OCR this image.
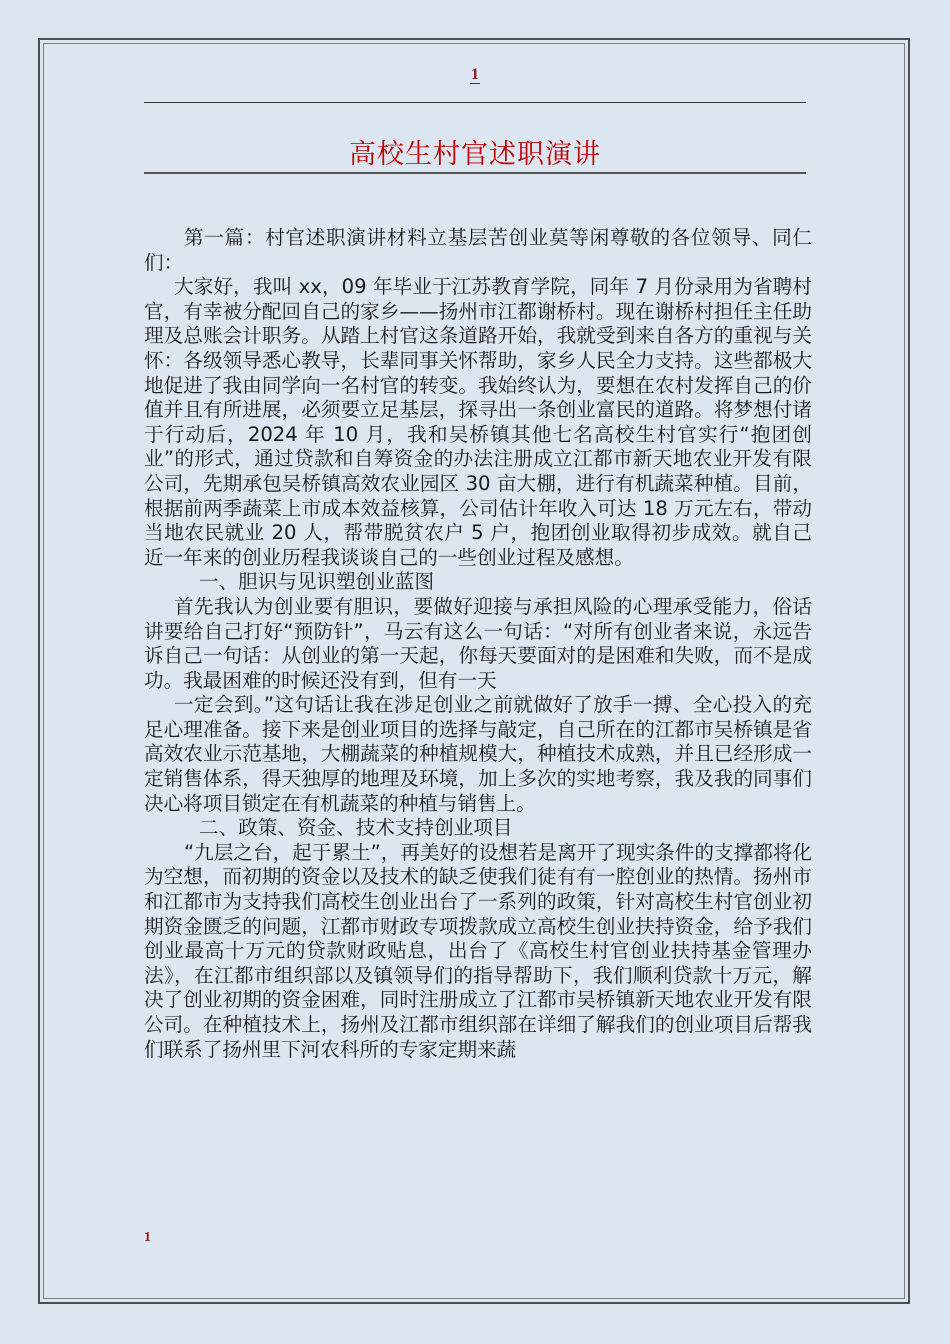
1
高校生村官述职演讲

第一篇：村官述职演讲材料立基层苦创业莫等闲尊敬的各位领导、同仁们：

大家好，我叫 xx，09 年毕业于江苏教育学院，同年 7 月份录用为省聘村官，有幸被分配回自己的家乡——扬州市江都谢桥村。现在谢桥村担任主任助理及总账会计职务。从踏上村官这条道路开始，我就受到来自各方的重视与关怀：各级领导悉心教导，长辈同事关怀帮助，家乡人民全力支持。这些都极大地促进了我由同学向一名村官的转变。我始终认为，要想在农村发挥自己的价值并且有所进展，必须要立足基层，探寻出一条创业富民的道路。将梦想付诸于行动后，2024 年 10 月，我和吴桥镇其他七名高校生村官实行“抱团创业”的形式，通过贷款和自筹资金的办法注册成立江都市新天地农业开发有限公司，先期承包吴桥镇高效农业园区 30 亩大棚，进行有机蔬菜种植。目前，根据前两季蔬菜上市成本效益核算，公司估计年收入可达 18 万元左右，带动当地农民就业 20 人，帮带脱贫农户 5 户，抱团创业取得初步成效。就自己近一年来的创业历程我谈谈自己的一些创业过程及感想。

一、胆识与见识塑创业蓝图

首先我认为创业要有胆识，要做好迎接与承担风险的心理承受能力，俗话讲要给自己打好“预防针”，马云有这么一句话：“对所有创业者来说，永远告诉自己一句话：从创业的第一天起，你每天要面对的是困难和失败，而不是成功。我最困难的时候还没有到，但有一天

一定会到。”这句话让我在涉足创业之前就做好了放手一搏、全心投入的充足心理准备。接下来是创业项目的选择与敲定，自己所在的江都市吴桥镇是省高效农业示范基地，大棚蔬菜的种植规模大，种植技术成熟，并且已经形成一定销售体系，得天独厚的地理及环境，加上多次的实地考察，我及我的同事们决心将项目锁定在有机蔬菜的种植与销售上。

二、政策、资金、技术支持创业项目

“九层之台，起于累土”，再美好的设想若是离开了现实条件的支撑都将化为空想，而初期的资金以及技术的缺乏使我们徒有有一腔创业的热情。扬州市和江都市为支持我们高校生创业出台了一系列的政策，针对高校生村官创业初期资金匮乏的问题，江都市财政专项拨款成立高校生创业扶持资金，给予我们创业最高十万元的贷款财政贴息，出台了《高校生村官创业扶持基金管理办法》，在江都市组织部以及镇领导们的指导帮助下，我们顺利贷款十万元，解决了创业初期的资金困难，同时注册成立了江都市吴桥镇新天地农业开发有限公司。在种植技术上，扬州及江都市组织部在详细了解我们的创业项目后帮我们联系了扬州里下河农科所的专家定期来蔬

1
